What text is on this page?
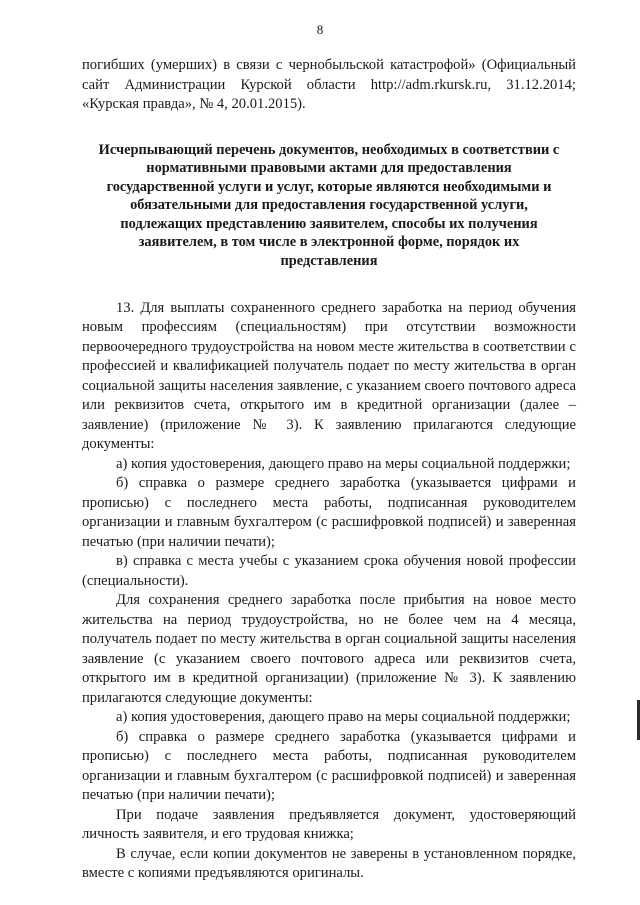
8

погибших (умерших) в связи с чернобыльской катастрофой» (Официальный сайт Администрации Курской области http://adm.rkursk.ru, 31.12.2014; «Курская правда», № 4, 20.01.2015).

Исчерпывающий перечень документов, необходимых в соответствии с нормативными правовыми актами для предоставления государственной услуги и услуг, которые являются необходимыми и обязательными для предоставления государственной услуги, подлежащих представлению заявителем, способы их получения заявителем, в том числе в электронной форме, порядок их представления

13. Для выплаты сохраненного среднего заработка на период обучения новым профессиям (специальностям) при отсутствии возможности первоочередного трудоустройства на новом месте жительства в соответствии с профессией и квалификацией получатель подает по месту жительства в орган социальной защиты населения заявление, с указанием своего почтового адреса или реквизитов счета, открытого им в кредитной организации (далее – заявление) (приложение № 3). К заявлению прилагаются следующие документы:

а) копия удостоверения, дающего право на меры социальной поддержки;

б) справка о размере среднего заработка (указывается цифрами и прописью) с последнего места работы, подписанная руководителем организации и главным бухгалтером (с расшифровкой подписей) и заверенная печатью (при наличии печати);

в) справка с места учебы с указанием срока обучения новой профессии (специальности).

Для сохранения среднего заработка после прибытия на новое место жительства на период трудоустройства, но не более чем на 4 месяца, получатель подает по месту жительства в орган социальной защиты населения заявление (с указанием своего почтового адреса или реквизитов счета, открытого им в кредитной организации) (приложение № 3). К заявлению прилагаются следующие документы:

а) копия удостоверения, дающего право на меры социальной поддержки;

б) справка о размере среднего заработка (указывается цифрами и прописью) с последнего места работы, подписанная руководителем организации и главным бухгалтером (с расшифровкой подписей) и заверенная печатью (при наличии печати);

При подаче заявления предъявляется документ, удостоверяющий личность заявителя, и его трудовая книжка;

В случае, если копии документов не заверены в установленном порядке, вместе с копиями предъявляются оригиналы.
